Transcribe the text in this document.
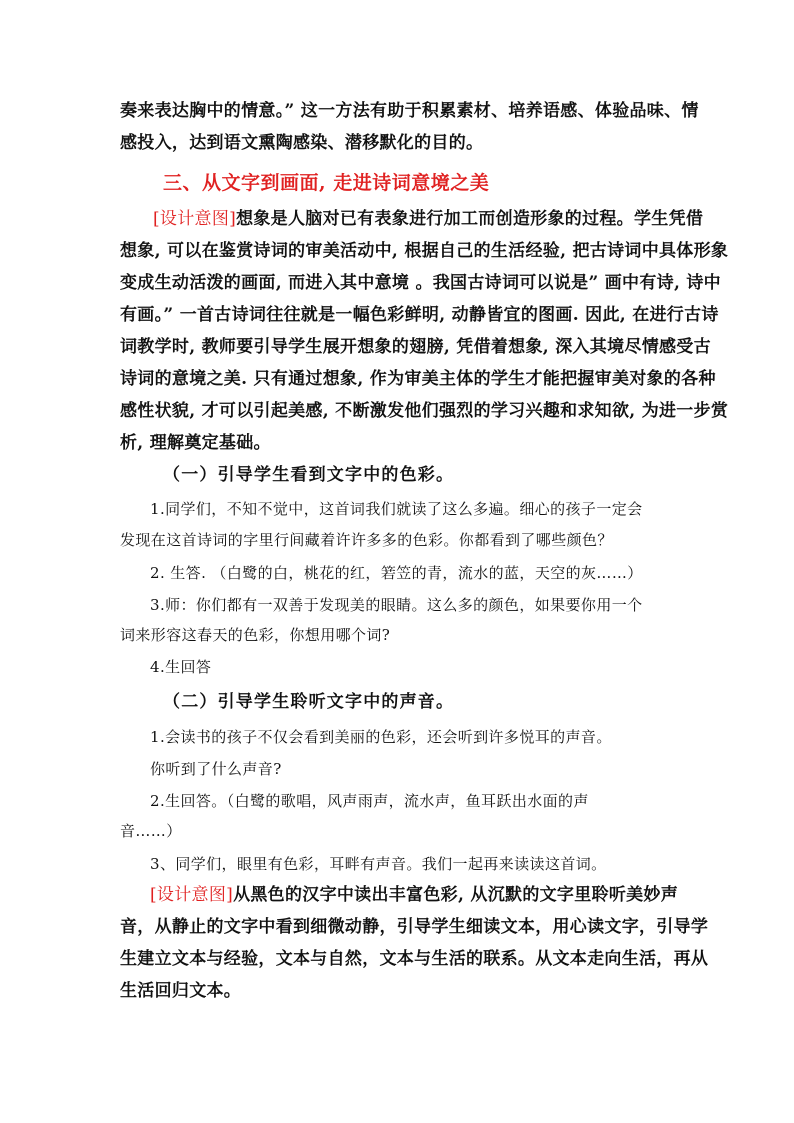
奏来表达胸中的情意。” 这一方法有助于积累素材、培养语感、体验品味、情
感投入，达到语文熏陶感染、潜移默化的目的。
三、从文字到画面, 走进诗词意境之美
[设计意图]想象是人脑对已有表象进行加工而创造形象的过程。学生凭借
想象, 可以在鉴赏诗词的审美活动中, 根据自己的生活经验, 把古诗词中具体形象
变成生动活泼的画面, 而进入其中意境 。我国古诗词可以说是” 画中有诗, 诗中
有画。” 一首古诗词往往就是一幅色彩鲜明, 动静皆宜的图画. 因此, 在进行古诗
词教学时, 教师要引导学生展开想象的翅膀, 凭借着想象, 深入其境尽情感受古
诗词的意境之美. 只有通过想象, 作为审美主体的学生才能把握审美对象的各种
感性状貌, 才可以引起美感, 不断激发他们强烈的学习兴趣和求知欲, 为进一步赏
析, 理解奠定基础。
（一）引导学生看到文字中的色彩。
1.同学们，不知不觉中，这首词我们就读了这么多遍。细心的孩子一定会
发现在这首诗词的字里行间藏着许许多多的色彩。你都看到了哪些颜色？
2. 生答. （白鹭的白，桃花的红，箬笠的青，流水的蓝，天空的灰……）
3.师：你们都有一双善于发现美的眼睛。这么多的颜色，如果要你用一个
词来形容这春天的色彩，你想用哪个词?
4.生回答
（二）引导学生聆听文字中的声音。
1.会读书的孩子不仅会看到美丽的色彩，还会听到许多悦耳的声音。
你听到了什么声音?
2.生回答。（白鹭的歌唱，风声雨声，流水声，鱼耳跃出水面的声
音……）
3、同学们，眼里有色彩，耳畔有声音。我们一起再来读读这首词。
[设计意图]从黑色的汉字中读出丰富色彩, 从沉默的文字里聆听美妙声
音，从静止的文字中看到细微动静，引导学生细读文本，用心读文字，引导学
生建立文本与经验，文本与自然，文本与生活的联系。从文本走向生活，再从
生活回归文本。
